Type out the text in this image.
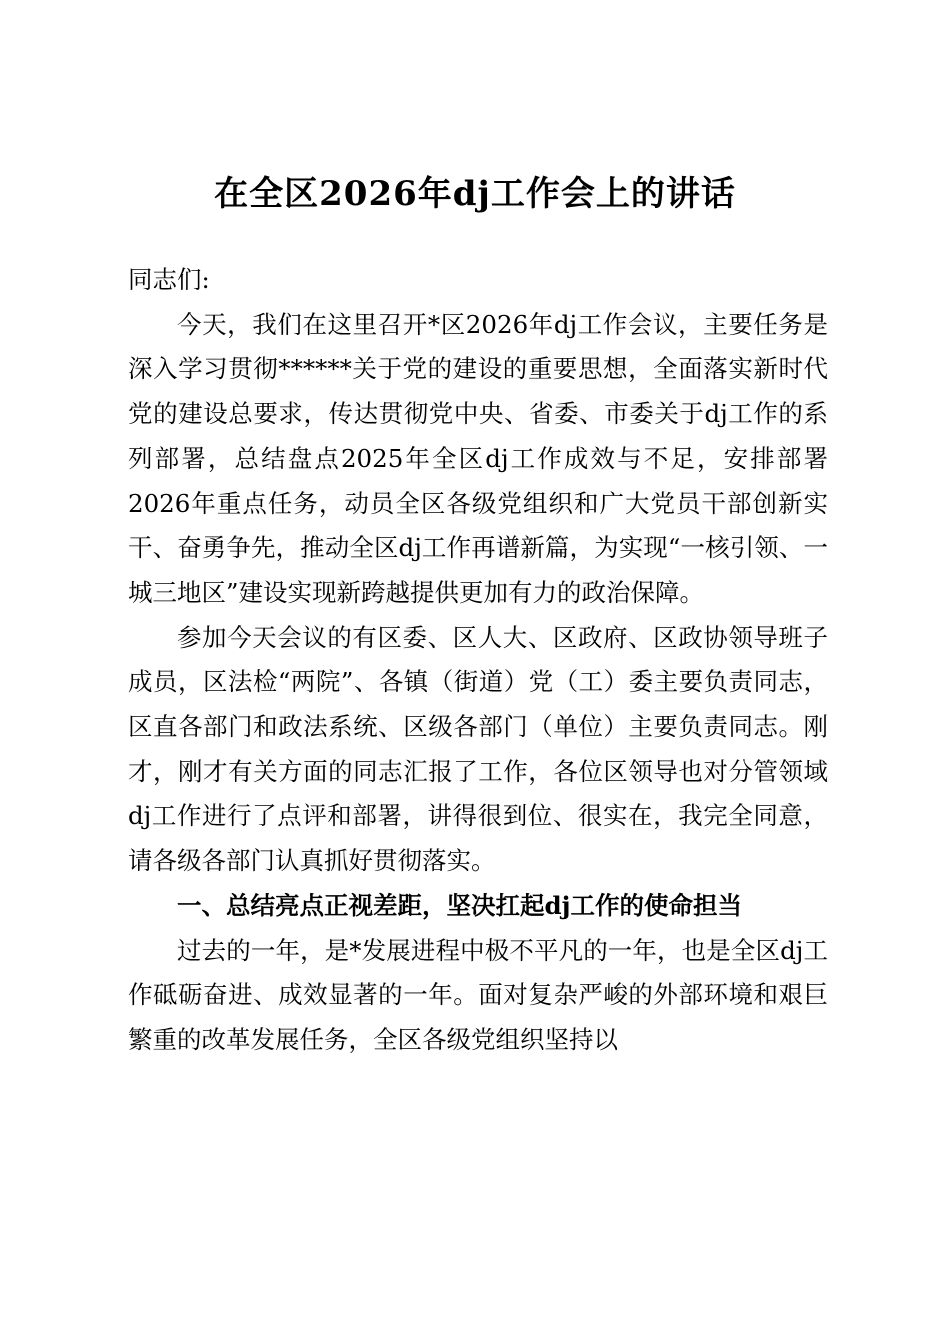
在全区2026年dj工作会上的讲话

同志们:

今天，我们在这里召开*区2026年dj工作会议，主要任务是深入学习贯彻******关于党的建设的重要思想，全面落实新时代党的建设总要求，传达贯彻党中央、省委、市委关于dj工作的系列部署，总结盘点2025年全区dj工作成效与不足，安排部署2026年重点任务，动员全区各级党组织和广大党员干部创新实干、奋勇争先，推动全区dj工作再谱新篇，为实现“一核引领、一城三地区”建设实现新跨越提供更加有力的政治保障。

参加今天会议的有区委、区人大、区政府、区政协领导班子成员，区法检“两院”、各镇（街道）党（工）委主要负责同志，区直各部门和政法系统、区级各部门（单位）主要负责同志。刚才，刚才有关方面的同志汇报了工作，各位区领导也对分管领域dj工作进行了点评和部署，讲得很到位、很实在，我完全同意，请各级各部门认真抓好贯彻落实。

一、总结亮点正视差距，坚决扛起dj工作的使命担当

过去的一年，是*发展进程中极不平凡的一年，也是全区dj工作砥砺奋进、成效显著的一年。面对复杂严峻的外部环境和艰巨繁重的改革发展任务，全区各级党组织坚持以
